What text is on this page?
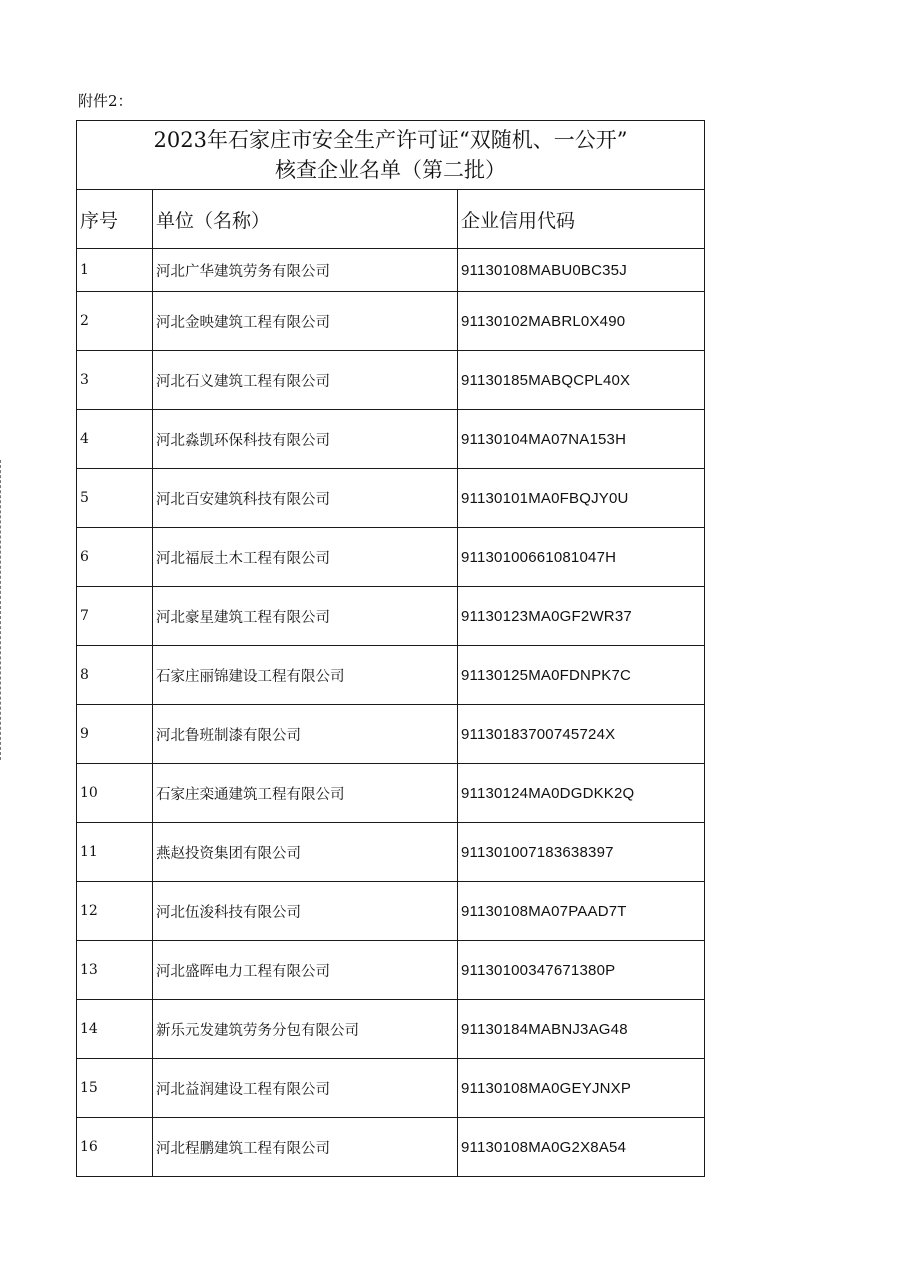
附件2：
2023年石家庄市安全生产许可证“双随机、一公开”
核查企业名单（第二批）		

序号	单位（名称）	企业信用代码
1	河北广华建筑劳务有限公司	91130108MABU0BC35J
2	河北金映建筑工程有限公司	91130102MABRL0X490
3	河北石义建筑工程有限公司	91130185MABQCPL40X
4	河北淼凯环保科技有限公司	91130104MA07NA153H
5	河北百安建筑科技有限公司	91130101MA0FBQJY0U
6	河北福辰土木工程有限公司	91130100661081047H
7	河北豪星建筑工程有限公司	91130123MA0GF2WR37
8	石家庄丽锦建设工程有限公司	91130125MA0FDNPK7C
9	河北鲁班制漆有限公司	91130183700745724X
10	石家庄栾通建筑工程有限公司	91130124MA0DGDKK2Q
11	燕赵投资集团有限公司	911301007183638397
12	河北伍浚科技有限公司	91130108MA07PAAD7T
13	河北盛晖电力工程有限公司	91130100347671380P
14	新乐元发建筑劳务分包有限公司	91130184MABNJ3AG48
15	河北益润建设工程有限公司	91130108MA0GEYJNXP
16	河北程鹏建筑工程有限公司	91130108MA0G2X8A54
